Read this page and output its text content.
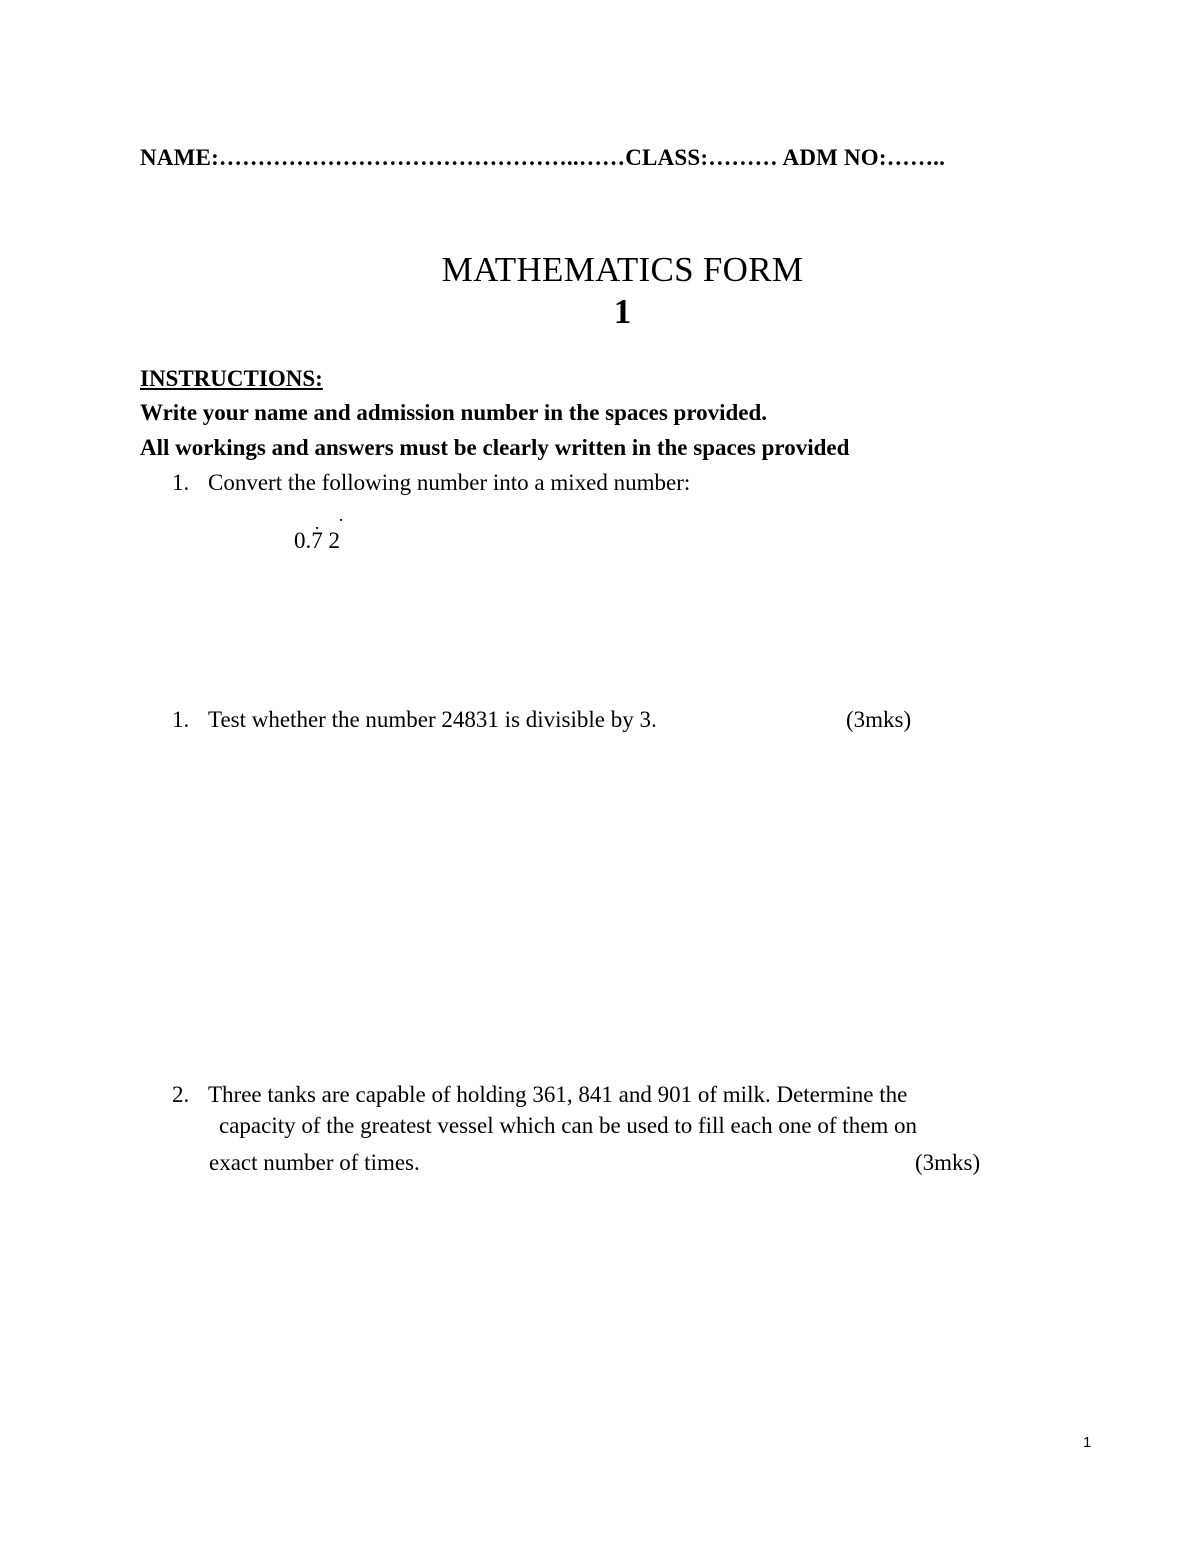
NAME:………………………………………..……CLASS:……… ADM NO:……..
MATHEMATICS FORM
1
INSTRUCTIONS:
Write your name and admission number in the spaces provided.
All workings and answers must be clearly written in the spaces provided
1. Convert the following number into a mixed number:
0.7
.
2
.
1. Test whether the number 24831 is divisible by 3.	(3mks)
2. Three tanks are capable of holding 361, 841 and 901 of milk. Determine the
capacity of the greatest vessel which can be used to fill each one of them on
exact number of times.	(3mks)
1
